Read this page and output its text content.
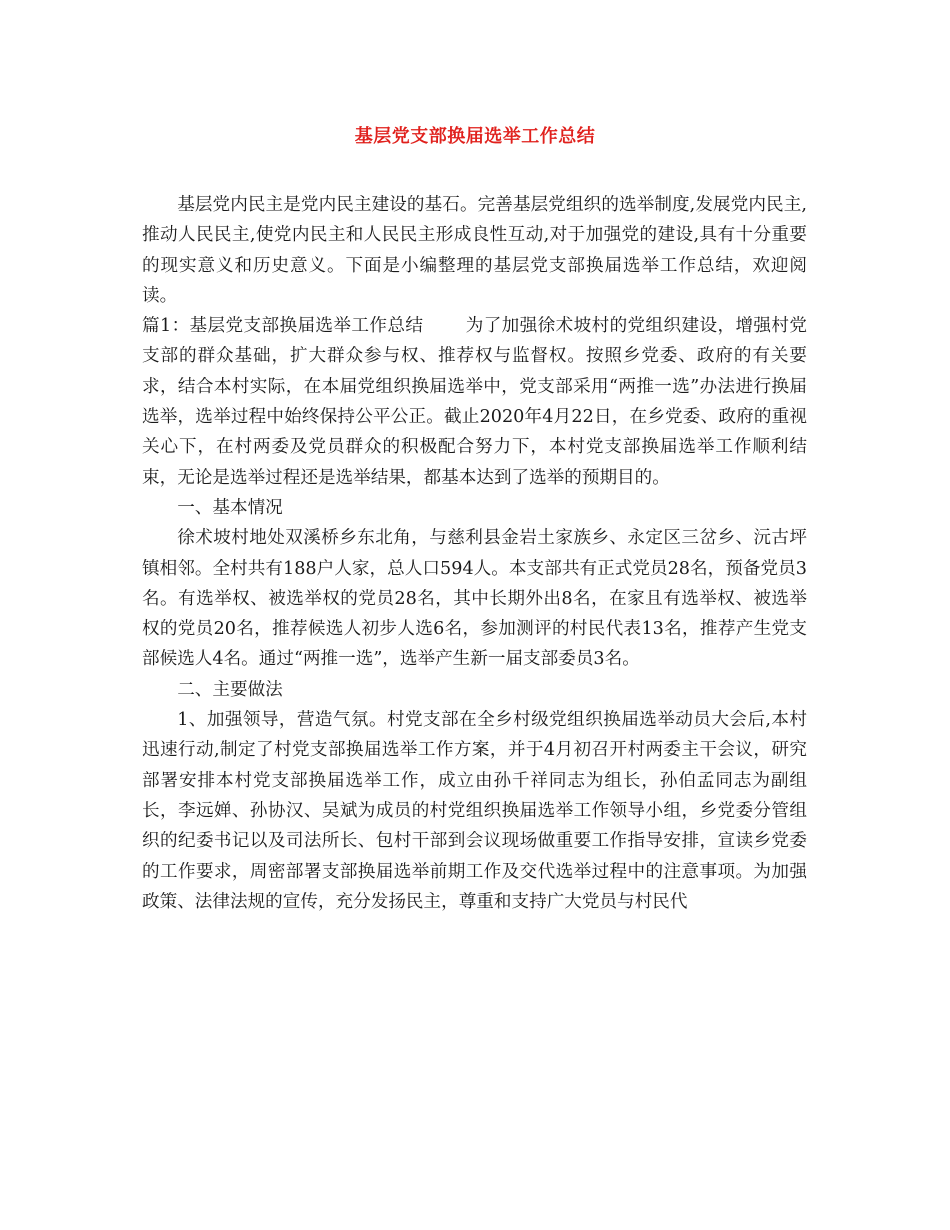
基层党支部换届选举工作总结

基层党内民主是党内民主建设的基石。完善基层党组织的选举制度,发展党内民主,推动人民民主,使党内民主和人民民主形成良性互动,对于加强党的建设,具有十分重要的现实意义和历史意义。下面是小编整理的基层党支部换届选举工作总结，欢迎阅读。

篇1：基层党支部换届选举工作总结 为了加强徐术坡村的党组织建设，增强村党支部的群众基础，扩大群众参与权、推荐权与监督权。按照乡党委、政府的有关要求，结合本村实际，在本届党组织换届选举中，党支部采用“两推一选”办法进行换届选举，选举过程中始终保持公平公正。截止2020年4月22日，在乡党委、政府的重视关心下，在村两委及党员群众的积极配合努力下，本村党支部换届选举工作顺利结束，无论是选举过程还是选举结果，都基本达到了选举的预期目的。

一、基本情况

徐术坡村地处双溪桥乡东北角，与慈利县金岩土家族乡、永定区三岔乡、沅古坪镇相邻。全村共有188户人家，总人口594人。本支部共有正式党员28名，预备党员3名。有选举权、被选举权的党员28名，其中长期外出8名，在家且有选举权、被选举权的党员20名，推荐候选人初步人选6名，参加测评的村民代表13名，推荐产生党支部候选人4名。通过“两推一选”，选举产生新一届支部委员3名。

二、主要做法

1、加强领导，营造气氛。村党支部在全乡村级党组织换届选举动员大会后,本村迅速行动,制定了村党支部换届选举工作方案，并于4月初召开村两委主干会议，研究部署安排本村党支部换届选举工作，成立由孙千祥同志为组长，孙伯孟同志为副组长，李远婵、孙协汉、吴斌为成员的村党组织换届选举工作领导小组，乡党委分管组织的纪委书记以及司法所长、包村干部到会议现场做重要工作指导安排，宣读乡党委的工作要求，周密部署支部换届选举前期工作及交代选举过程中的注意事项。为加强政策、法律法规的宣传，充分发扬民主，尊重和支持广大党员与村民代
